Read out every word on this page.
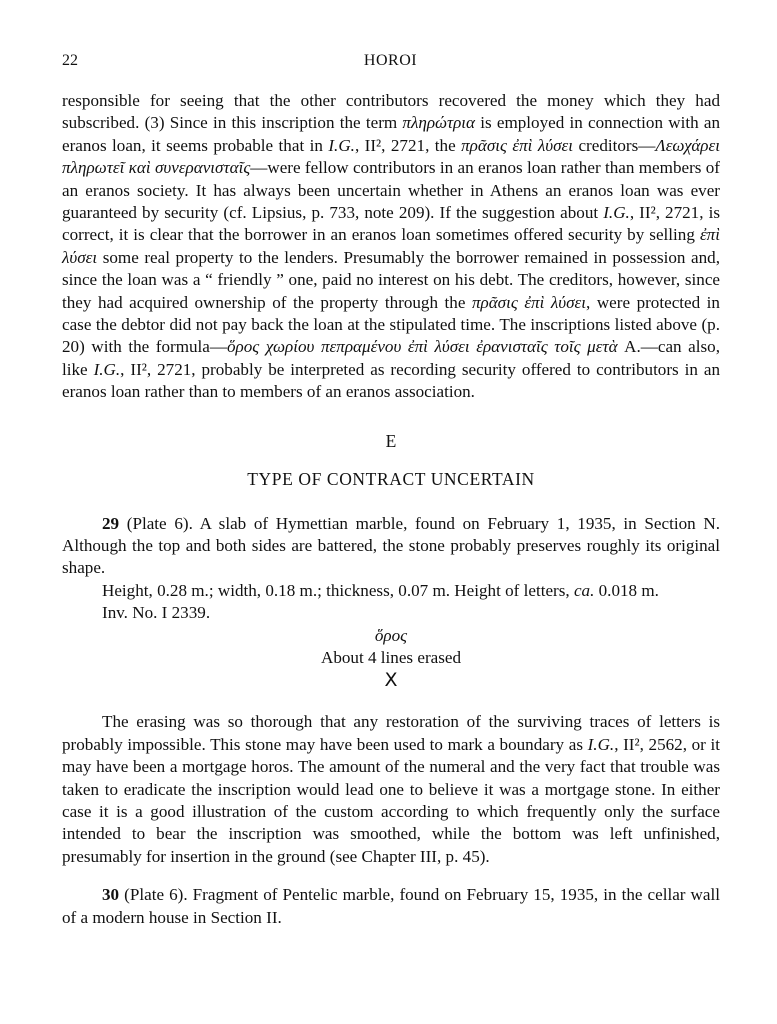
22	HOROI

responsible for seeing that the other contributors recovered the money which they had subscribed. (3) Since in this inscription the term πληρώτρια is employed in connection with an eranos loan, it seems probable that in I.G., II², 2721, the πρᾶσις ἐπὶ λύσει creditors—Λεωχάρει πληρωτεῖ καὶ συνερανισταῖς—were fellow contributors in an eranos loan rather than members of an eranos society. It has always been uncertain whether in Athens an eranos loan was ever guaranteed by security (cf. Lipsius, p. 733, note 209). If the suggestion about I.G., II², 2721, is correct, it is clear that the borrower in an eranos loan sometimes offered security by selling ἐπὶ λύσει some real property to the lenders. Presumably the borrower remained in possession and, since the loan was a “ friendly ” one, paid no interest on his debt. The creditors, however, since they had acquired ownership of the property through the πρᾶσις ἐπὶ λύσει, were protected in case the debtor did not pay back the loan at the stipulated time. The inscriptions listed above (p. 20) with the formula—ὅρος χωρίου πεπραμένου ἐπὶ λύσει ἐρανισταῖς τοῖς μετὰ A.—can also, like I.G., II², 2721, probably be interpreted as recording security offered to contributors in an eranos loan rather than to members of an eranos association.

E
TYPE OF CONTRACT UNCERTAIN

29 (Plate 6). A slab of Hymettian marble, found on February 1, 1935, in Section Ν. Although the top and both sides are battered, the stone probably preserves roughly its original shape.

Height, 0.28 m.; width, 0.18 m.; thickness, 0.07 m. Height of letters, ca. 0.018 m.

Inv. No. I 2339.

ὅρος

About 4 lines erased

X

The erasing was so thorough that any restoration of the surviving traces of letters is probably impossible. This stone may have been used to mark a boundary as I.G., II², 2562, or it may have been a mortgage horos. The amount of the numeral and the very fact that trouble was taken to eradicate the inscription would lead one to believe it was a mortgage stone. In either case it is a good illustration of the custom according to which frequently only the surface intended to bear the inscription was smoothed, while the bottom was left unfinished, presumably for insertion in the ground (see Chapter III, p. 45).

30 (Plate 6). Fragment of Pentelic marble, found on February 15, 1935, in the cellar wall of a modern house in Section ΙΙ.
